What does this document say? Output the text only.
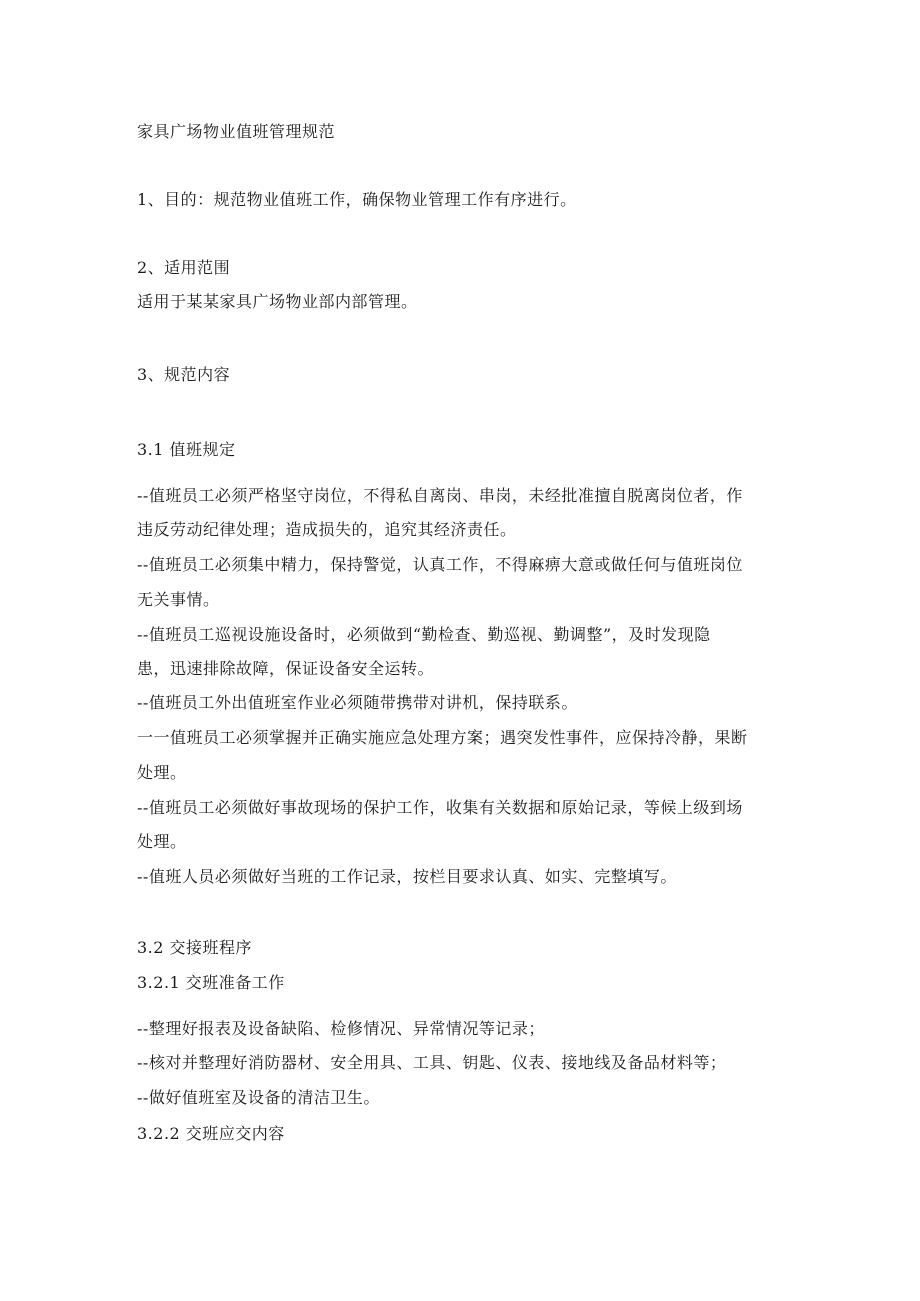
家具广场物业值班管理规范
1、目的：规范物业值班工作，确保物业管理工作有序进行。
2、适用范围
适用于某某家具广场物业部内部管理。
3、规范内容
3.1 值班规定
--值班员工必须严格坚守岗位，不得私自离岗、串岗，未经批准擅自脱离岗位者，作
违反劳动纪律处理；造成损失的，追究其经济责任。
--值班员工必须集中精力，保持警觉，认真工作，不得麻痹大意或做任何与值班岗位
无关事情。
--值班员工巡视设施设备时，必须做到“勤检查、勤巡视、勤调整”，及时发现隐
患，迅速排除故障，保证设备安全运转。
--值班员工外出值班室作业必须随带携带对讲机，保持联系。
一一值班员工必须掌握并正确实施应急处理方案；遇突发性事件，应保持冷静，果断
处理。
--值班员工必须做好事故现场的保护工作，收集有关数据和原始记录，等候上级到场
处理。
--值班人员必须做好当班的工作记录，按栏目要求认真、如实、完整填写。
3.2 交接班程序
3.2.1 交班准备工作
--整理好报表及设备缺陷、检修情况、异常情况等记录；
--核对并整理好消防器材、安全用具、工具、钥匙、仪表、接地线及备品材料等；
--做好值班室及设备的清洁卫生。
3.2.2 交班应交内容
